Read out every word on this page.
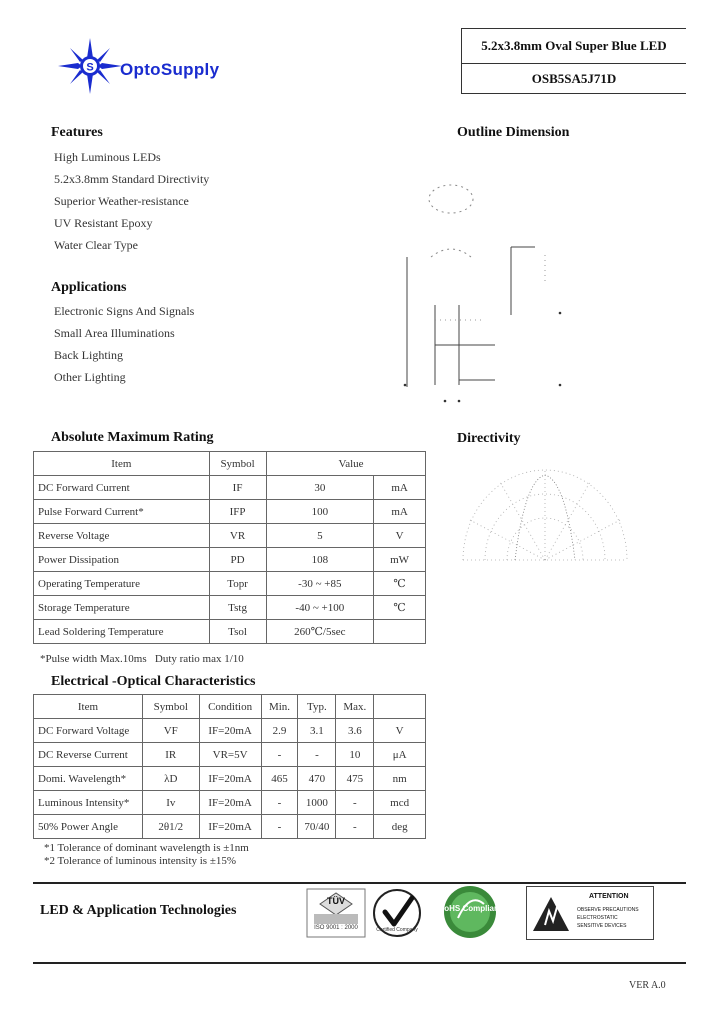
S OptoSupply
5.2x3.8mm Oval Super Blue LED
OSB5SA5J71D
Features
High Luminous LEDs
5.2x3.8mm Standard Directivity
Superior Weather-resistance
UV Resistant Epoxy
Water Clear Type
Applications
Electronic Signs And Signals
Small Area Illuminations
Back Lighting
Other Lighting
Outline Dimension
Directivity
Absolute Maximum Rating
Item	Symbol	Value	
DC Forward Current	IF	30	mA
Pulse Forward Current*	IFP	100	mA
Reverse Voltage	VR	5	V
Power Dissipation	PD	108	mW
Operating Temperature	Topr	-30 ~ +85	℃
Storage Temperature	Tstg	-40 ~ +100	℃
Lead Soldering Temperature	Tsol	260℃/5sec	
*Pulse width Max.10ms   Duty ratio max 1/10
Electrical -Optical Characteristics
Item	Symbol	Condition	Min.	Typ.	Max.	
DC Forward Voltage	VF	IF=20mA	2.9	3.1	3.6	V
DC Reverse Current	IR	VR=5V	-	-	10	μA
Domi. Wavelength*	λD	IF=20mA	465	470	475	nm
Luminous Intensity*	Iv	IF=20mA	-	1000	-	mcd
50% Power Angle	2θ1/2	IF=20mA	-	70/40	-	deg
*1 Tolerance of dominant wavelength is ±1nm
*2 Tolerance of luminous intensity is ±15%
LED & Application Technologies
TÜV
ISO 9001 : 2000	Certified Company
RoHS Compliant
ATTENTION
OBSERVE PRECAUTIONS
ELECTROSTATIC
SENSITIVE DEVICES
VER A.0
